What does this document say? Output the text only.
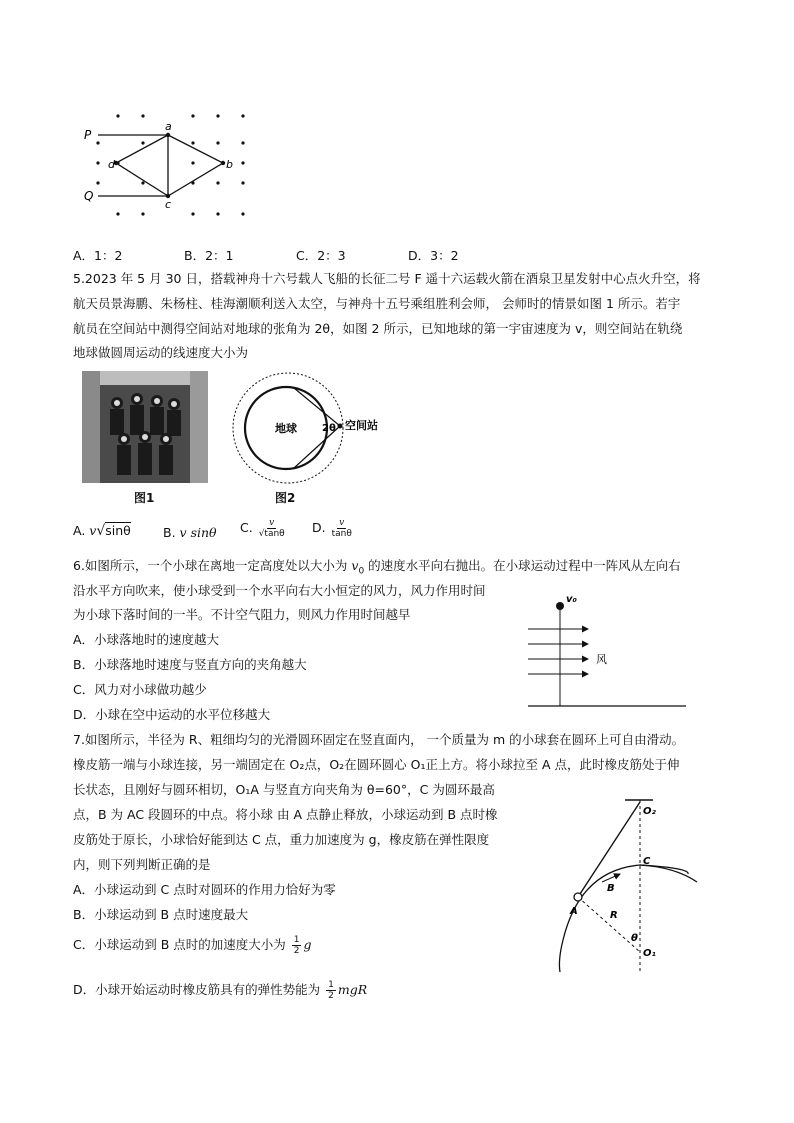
P
Q
a
c
d	b
A．1：2	B．2：1	C．2：3	D．3：2
5.2023 年 5 月 30 日，搭载神舟十六号载人飞船的长征二号 F 遥十六运载火箭在酒泉卫星发射中心点火升空，将
航天员景海鹏、朱杨柱、桂海潮顺利送入太空，与神舟十五号乘组胜利会师， 会师时的情景如图 1 所示。若宇
航员在空间站中测得空间站对地球的张角为 2θ，如图 2 所示，已知地球的第一宇宙速度为 v，则空间站在轨绕
地球做圆周运动的线速度大小为
图1
地球	2θ 空间站
图2
A. v√sinθ	B. v sinθ C. $\frac{v}{√\tan\theta} D$. $\frac{v}{\tan\theta}$
6.如图所示，一个小球在离地一定高度处以大小为 $v_0$ 的速度水平向右抛出。在小球运动过程中一阵风从左向右
沿水平方向吹来，使小球受到一个水平向右大小恒定的风力，风力作用时间
为小球下落时间的一半。不计空气阻力，则风力作用时间越早
A．小球落地时的速度越大
B．小球落地时速度与竖直方向的夹角越大
C．风力对小球做功越少
D．小球在空中运动的水平位移越大
v₀
风
7.如图所示，半径为 R、粗细均匀的光滑圆环固定在竖直面内， 一个质量为 m 的小球套在圆环上可自由滑动。
橡皮筋一端与小球连接，另一端固定在 O₂点，O₂在圆环圆心 O₁正上方。将小球拉至 A 点，此时橡皮筋处于伸
长状态，且刚好与圆环相切，O₁A 与竖直方向夹角为 θ=60°，C 为圆环最高
点，B 为 AC 段圆环的中点。将小球 由 A 点静止释放，小球运动到 B 点时橡
皮筋处于原长，小球恰好能到达 C 点，重力加速度为 g，橡皮筋在弹性限度
内，则下列判断正确的是
A．小球运动到 C 点时对圆环的作用力恰好为零
B．小球运动到 B 点时速度最大
C．小球运动到 B 点时的加速度大小为 $\frac{1}{2}$ g
D．小球开始运动时橡皮筋具有的弹性势能为 $\frac{1}{2}$ mgR
O₂
C
B
A	R
θ
O₁
